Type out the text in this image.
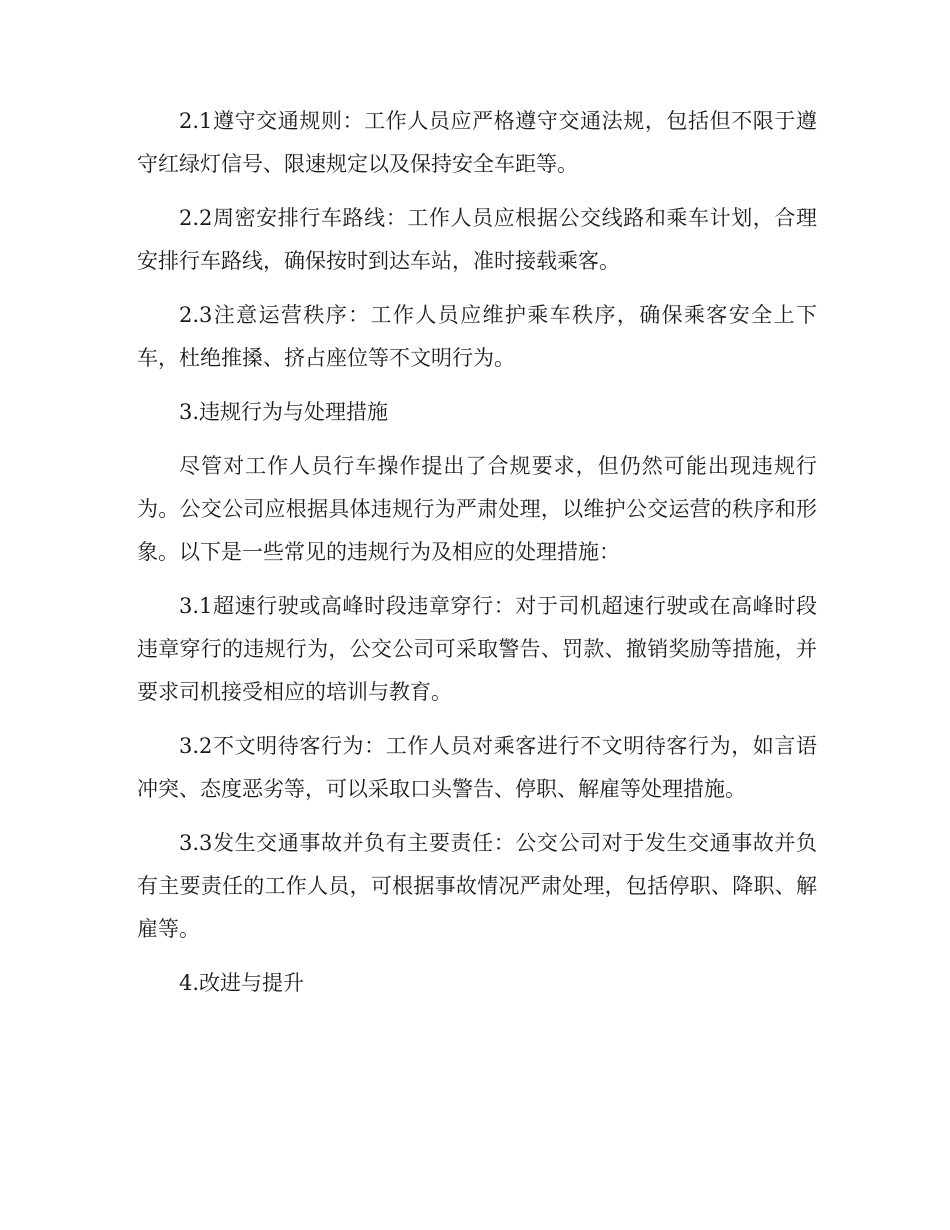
2.1遵守交通规则：工作人员应严格遵守交通法规，包括但不限于遵守红绿灯信号、限速规定以及保持安全车距等。

2.2周密安排行车路线：工作人员应根据公交线路和乘车计划，合理安排行车路线，确保按时到达车站，准时接载乘客。

2.3注意运营秩序：工作人员应维护乘车秩序，确保乘客安全上下车，杜绝推搡、挤占座位等不文明行为。

3.违规行为与处理措施

尽管对工作人员行车操作提出了合规要求，但仍然可能出现违规行为。公交公司应根据具体违规行为严肃处理，以维护公交运营的秩序和形象。以下是一些常见的违规行为及相应的处理措施：

3.1超速行驶或高峰时段违章穿行：对于司机超速行驶或在高峰时段违章穿行的违规行为，公交公司可采取警告、罚款、撤销奖励等措施，并要求司机接受相应的培训与教育。

3.2不文明待客行为：工作人员对乘客进行不文明待客行为，如言语冲突、态度恶劣等，可以采取口头警告、停职、解雇等处理措施。

3.3发生交通事故并负有主要责任：公交公司对于发生交通事故并负有主要责任的工作人员，可根据事故情况严肃处理，包括停职、降职、解雇等。

4.改进与提升
